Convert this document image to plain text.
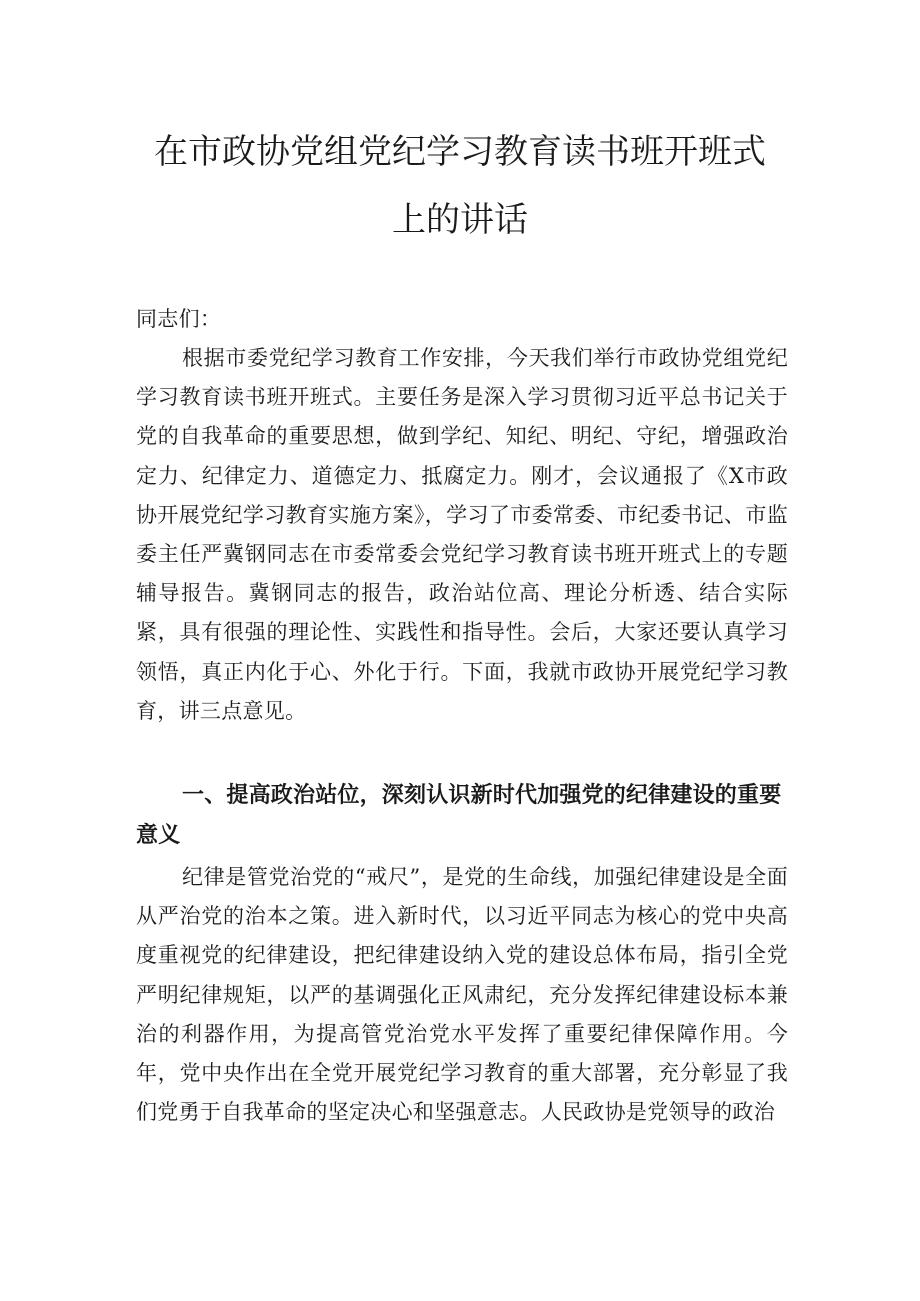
在市政协党组党纪学习教育读书班开班式
上的讲话

同志们：

根据市委党纪学习教育工作安排，今天我们举行市政协党组党纪学习教育读书班开班式。主要任务是深入学习贯彻习近平总书记关于党的自我革命的重要思想，做到学纪、知纪、明纪、守纪，增强政治定力、纪律定力、道德定力、抵腐定力。刚才，会议通报了《X市政协开展党纪学习教育实施方案》，学习了市委常委、市纪委书记、市监委主任严冀钢同志在市委常委会党纪学习教育读书班开班式上的专题辅导报告。冀钢同志的报告，政治站位高、理论分析透、结合实际紧，具有很强的理论性、实践性和指导性。会后，大家还要认真学习领悟，真正内化于心、外化于行。下面，我就市政协开展党纪学习教育，讲三点意见。

一、提高政治站位，深刻认识新时代加强党的纪律建设的重要意义

纪律是管党治党的“戒尺”，是党的生命线，加强纪律建设是全面从严治党的治本之策。进入新时代，以习近平同志为核心的党中央高度重视党的纪律建设，把纪律建设纳入党的建设总体布局，指引全党严明纪律规矩，以严的基调强化正风肃纪，充分发挥纪律建设标本兼治的利器作用，为提高管党治党水平发挥了重要纪律保障作用。今年，党中央作出在全党开展党纪学习教育的重大部署，充分彰显了我们党勇于自我革命的坚定决心和坚强意志。人民政协是党领导的政治
